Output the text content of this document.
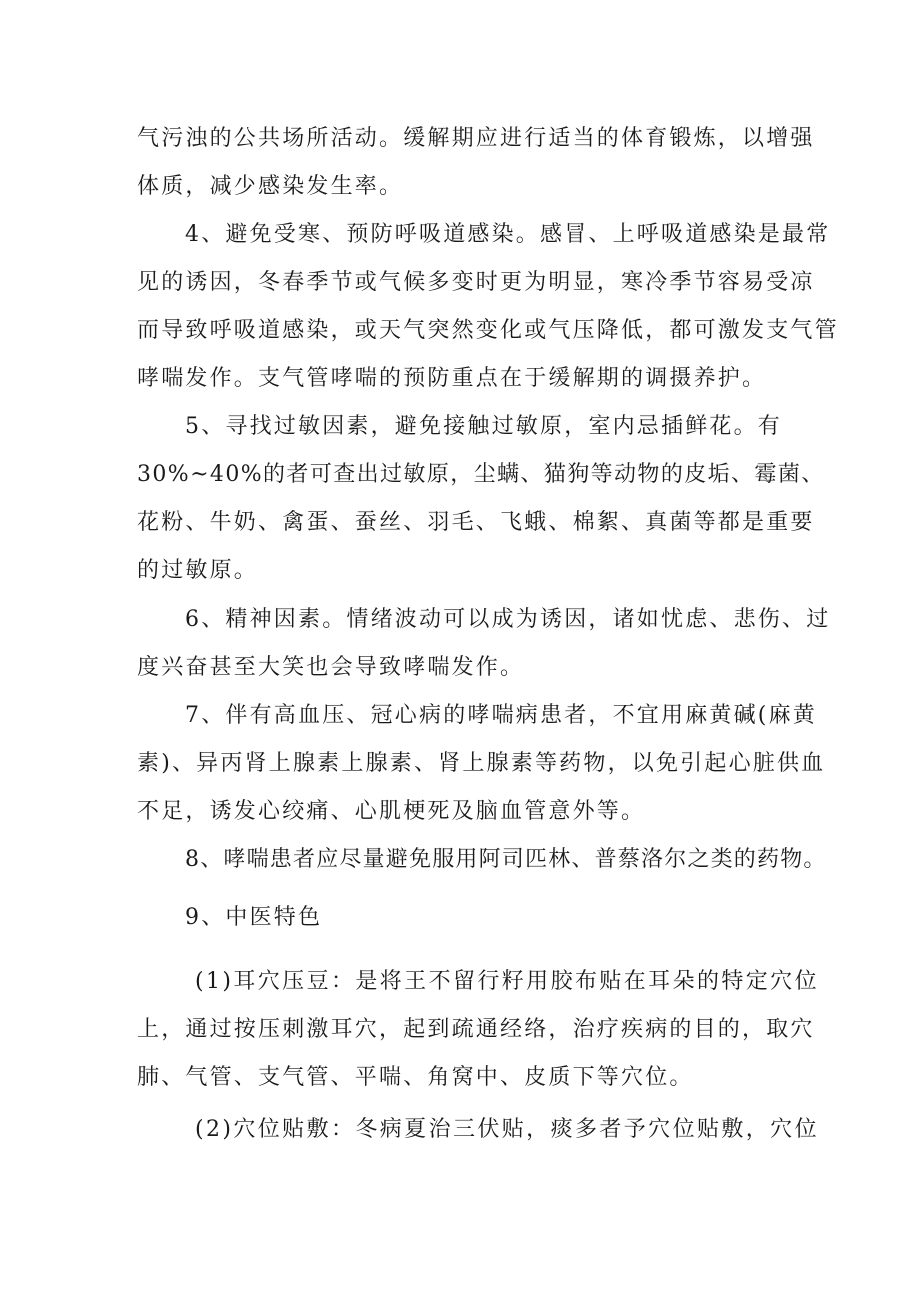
气污浊的公共场所活动。缓解期应进行适当的体育锻炼，以增强
体质，减少感染发生率。
4、避免受寒、预防呼吸道感染。感冒、上呼吸道感染是最常
见的诱因，冬春季节或气候多变时更为明显，寒冷季节容易受凉
而导致呼吸道感染，或天气突然变化或气压降低，都可激发支气管
哮喘发作。支气管哮喘的预防重点在于缓解期的调摄养护。
5、寻找过敏因素，避免接触过敏原，室内忌插鲜花。有
30%~40%的者可查出过敏原，尘螨、猫狗等动物的皮垢、霉菌、
花粉、牛奶、禽蛋、蚕丝、羽毛、飞蛾、棉絮、真菌等都是重要
的过敏原。
6、精神因素。情绪波动可以成为诱因，诸如忧虑、悲伤、过
度兴奋甚至大笑也会导致哮喘发作。
7、伴有高血压、冠心病的哮喘病患者，不宜用麻黄碱(麻黄
素)、异丙肾上腺素上腺素、肾上腺素等药物，以免引起心脏供血
不足，诱发心绞痛、心肌梗死及脑血管意外等。
8、哮喘患者应尽量避免服用阿司匹林、普蔡洛尔之类的药物。
9、中医特色
(1)耳穴压豆：是将王不留行籽用胶布贴在耳朵的特定穴位
上，通过按压刺激耳穴，起到疏通经络，治疗疾病的目的，取穴
肺、气管、支气管、平喘、角窝中、皮质下等穴位。
(2)穴位贴敷：冬病夏治三伏贴，痰多者予穴位贴敷，穴位
